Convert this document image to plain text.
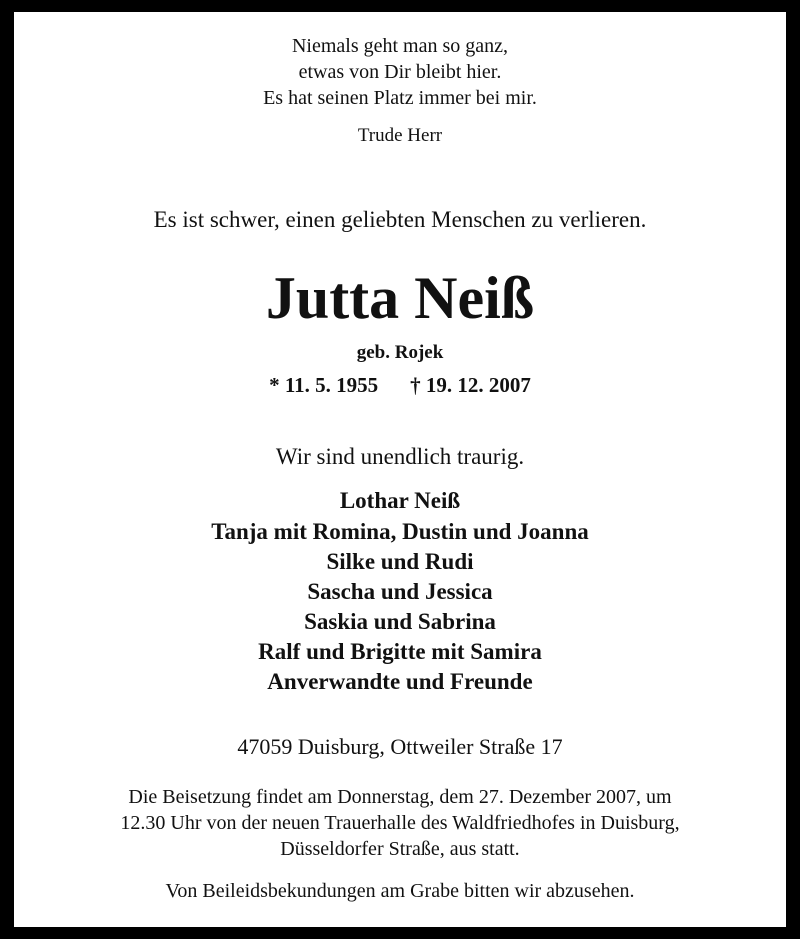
Niemals geht man so ganz,
etwas von Dir bleibt hier.
Es hat seinen Platz immer bei mir.
Trude Herr
Es ist schwer, einen geliebten Menschen zu verlieren.
Jutta Neiß
geb. Rojek
* 11. 5. 1955 † 19. 12. 2007
Wir sind unendlich traurig.
Lothar Neiß
Tanja mit Romina, Dustin und Joanna
Silke und Rudi
Sascha und Jessica
Saskia und Sabrina
Ralf und Brigitte mit Samira
Anverwandte und Freunde
47059 Duisburg, Ottweiler Straße 17
Die Beisetzung findet am Donnerstag, dem 27. Dezember 2007, um
12.30 Uhr von der neuen Trauerhalle des Waldfriedhofes in Duisburg,
Düsseldorfer Straße, aus statt.
Von Beileidsbekundungen am Grabe bitten wir abzusehen.
